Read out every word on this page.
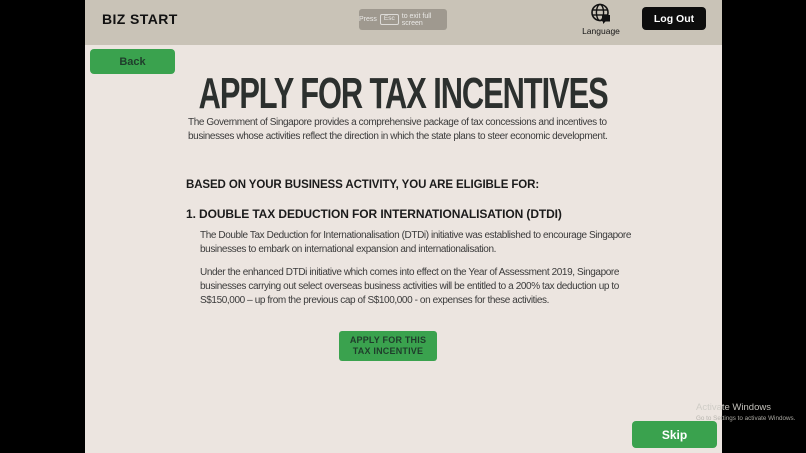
BIZ START	Press	Esc	to exit full screen
Language
Log Out
Back
APPLY FOR TAX INCENTIVES

The Government of Singapore provides a comprehensive package of tax concessions and incentives to businesses whose activities reflect the direction in which the state plans to steer economic development.

BASED ON YOUR BUSINESS ACTIVITY, YOU ARE ELIGIBLE FOR:
1. DOUBLE TAX DEDUCTION FOR INTERNATIONALISATION (DTDI)

The Double Tax Deduction for Internationalisation (DTDi) initiative was established to encourage Singapore businesses to embark on international expansion and internationalisation.

Under the enhanced DTDi initiative which comes into effect on the Year of Assessment 2019, Singapore businesses carrying out select overseas business activities will be entitled to a 200% tax deduction up to S$150,000 – up from the previous cap of S$100,000 - on expenses for these activities.

APPLY FOR THIS TAX INCENTIVE
Skip
Activate Windows
Go to Settings to activate Windows.
